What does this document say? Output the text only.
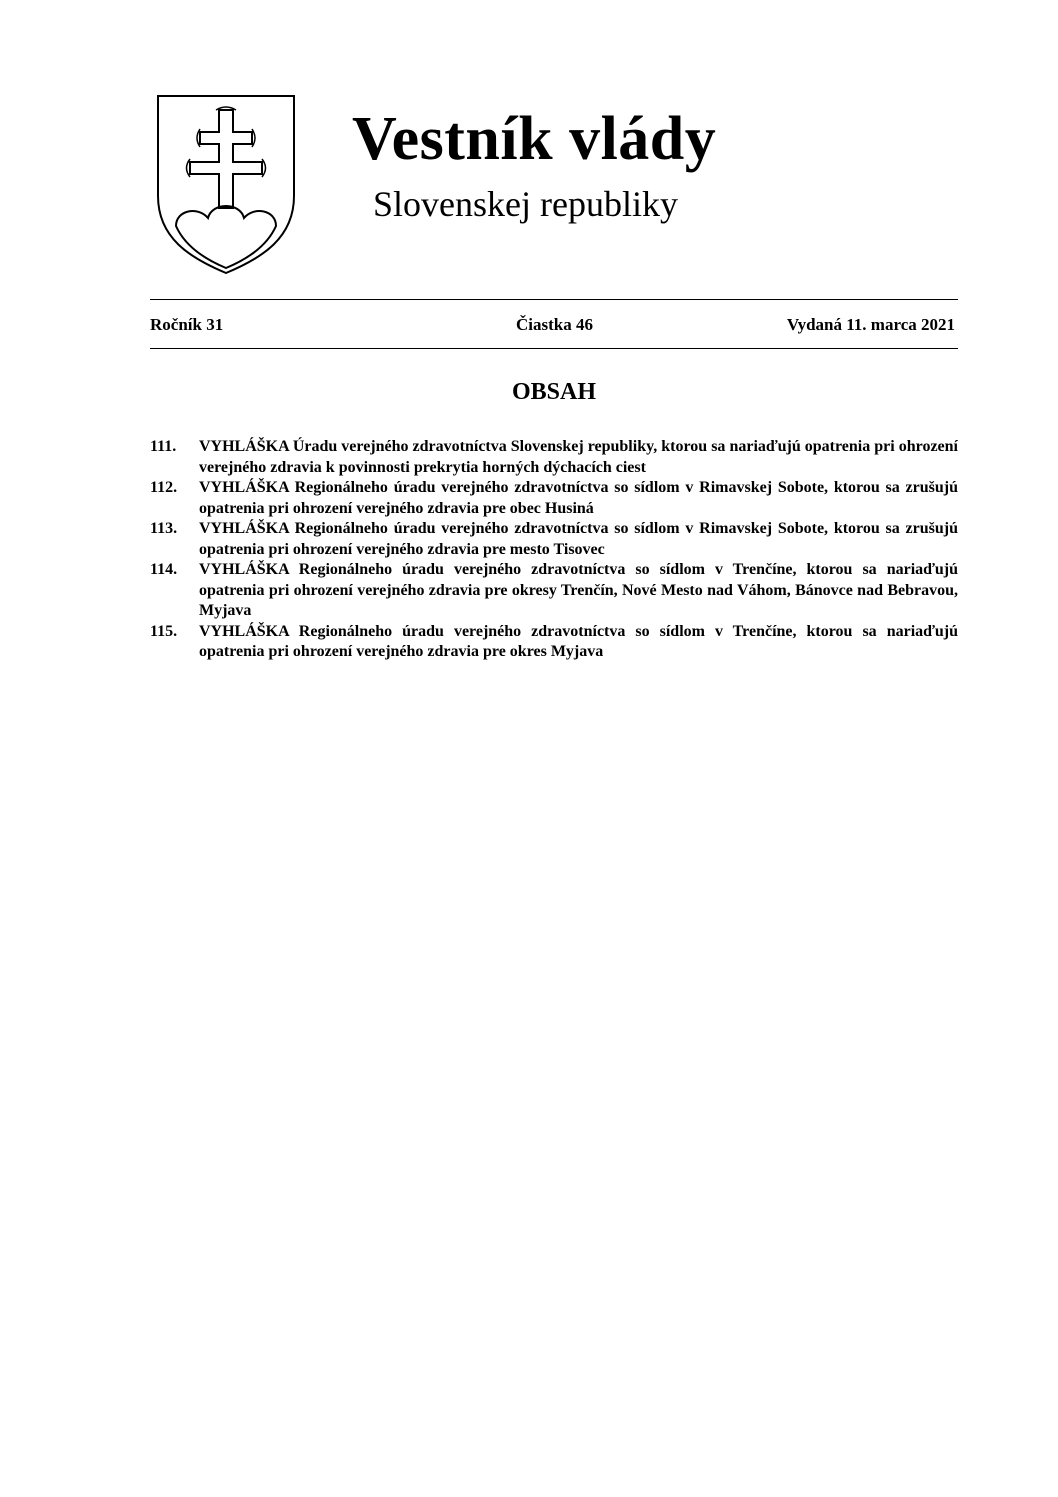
Vestník vlády
Slovenskej republiky
Ročník 31	Čiastka 46	Vydaná 11. marca 2021
OBSAH
111.	VYHLÁŠKA Úradu verejného zdravotníctva Slovenskej republiky, ktorou sa nariaďujú opatrenia pri ohrození verejného zdravia k povinnosti prekrytia horných dýchacích ciest
112.	VYHLÁŠKA Regionálneho úradu verejného zdravotníctva so sídlom v Rimavskej Sobote, ktorou sa zrušujú opatrenia pri ohrození verejného zdravia pre obec Husiná
113.	VYHLÁŠKA Regionálneho úradu verejného zdravotníctva so sídlom v Rimavskej Sobote, ktorou sa zrušujú opatrenia pri ohrození verejného zdravia pre mesto Tisovec
114.	VYHLÁŠKA Regionálneho úradu verejného zdravotníctva so sídlom v Trenčíne, ktorou sa nariaďujú opatrenia pri ohrození verejného zdravia pre okresy Trenčín, Nové Mesto nad Váhom, Bánovce nad Bebravou, Myjava
115.	VYHLÁŠKA Regionálneho úradu verejného zdravotníctva so sídlom v Trenčíne, ktorou sa nariaďujú opatrenia pri ohrození verejného zdravia pre okres Myjava
